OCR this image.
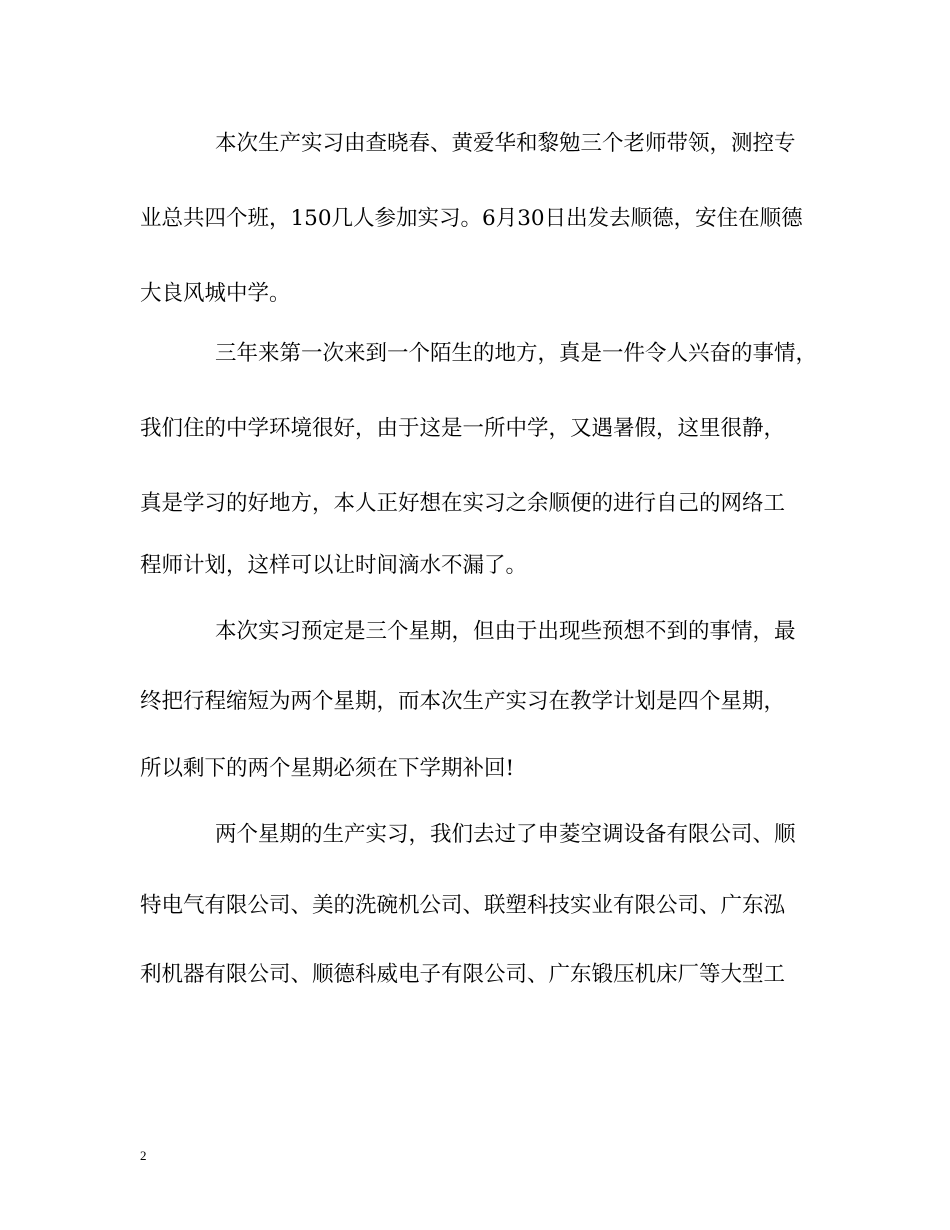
本次生产实习由查晓春、黄爱华和黎勉三个老师带领，测控专
业总共四个班，150几人参加实习。6月30日出发去顺德，安住在顺德
大良风城中学。
三年来第一次来到一个陌生的地方，真是一件令人兴奋的事情，
我们住的中学环境很好，由于这是一所中学，又遇暑假，这里很静，
真是学习的好地方，本人正好想在实习之余顺便的进行自己的网络工
程师计划，这样可以让时间滴水不漏了。
本次实习预定是三个星期，但由于出现些预想不到的事情，最
终把行程缩短为两个星期，而本次生产实习在教学计划是四个星期，
所以剩下的两个星期必须在下学期补回!
两个星期的生产实习，我们去过了申菱空调设备有限公司、顺
特电气有限公司、美的洗碗机公司、联塑科技实业有限公司、广东泓
利机器有限公司、顺德科威电子有限公司、广东锻压机床厂等大型工
2
